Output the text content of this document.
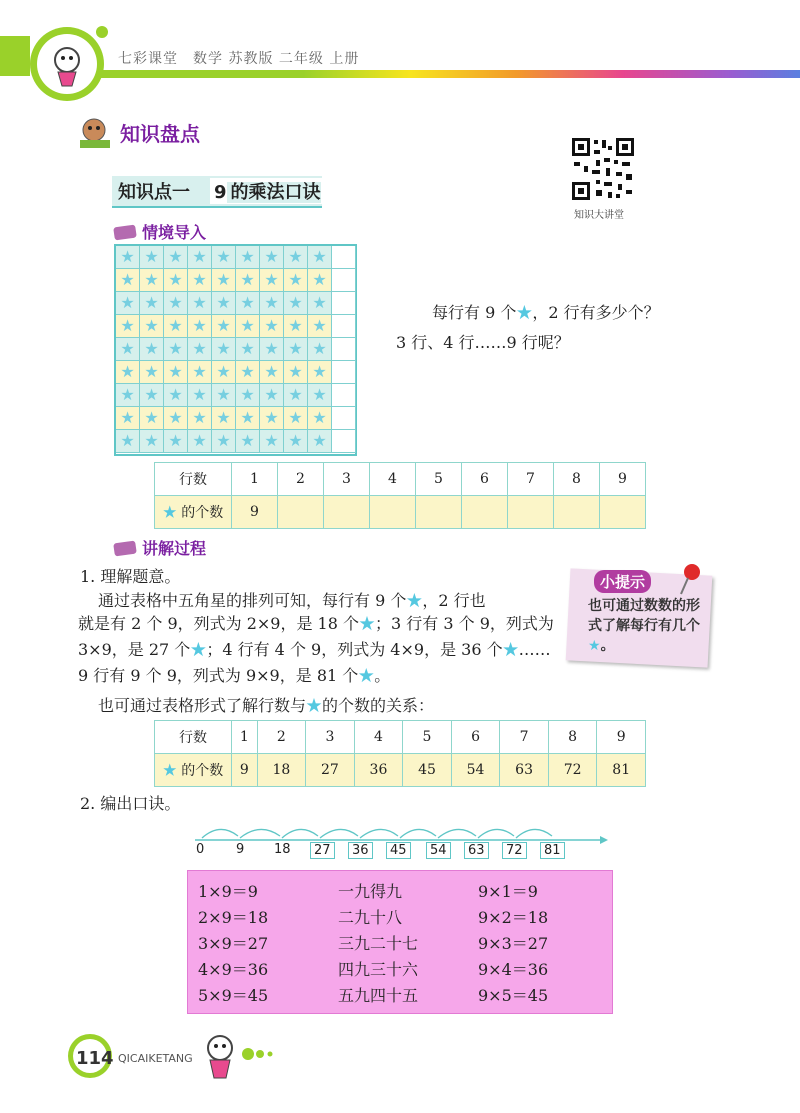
七彩课堂　数学 苏教版 二年级 上册
知识盘点
知识大讲堂
知识点一 9 的乘法口诀
情境导入
★ ★ ★ ★ ★ ★ ★ ★ ★
★ ★ ★ ★ ★ ★ ★ ★ ★
★ ★ ★ ★ ★ ★ ★ ★ ★
★ ★ ★ ★ ★ ★ ★ ★ ★
★ ★ ★ ★ ★ ★ ★ ★ ★
★ ★ ★ ★ ★ ★ ★ ★ ★
★ ★ ★ ★ ★ ★ ★ ★ ★
★ ★ ★ ★ ★ ★ ★ ★ ★
★ ★ ★ ★ ★ ★ ★ ★ ★
每行有 9 个★，2 行有多少个？
3 行、4 行……9 行呢？
行数	1	2	3	4	5	6	7	8	9
★ 的个数	9								
讲解过程
1. 理解题意。
通过表格中五角星的排列可知，每行有 9 个★，2 行也
就是有 2 个 9，列式为 2×9，是 18 个★；3 行有 3 个 9，列式为
3×9，是 27 个★；4 行有 4 个 9，列式为 4×9，是 36 个★……
9 行有 9 个 9，列式为 9×9，是 81 个★。
也可通过表格形式了解行数与★的个数的关系：
小提示
也可通过数数的形式了解每行有几个★。
行数	1	2	3	4	5	6	7	8	9
★ 的个数	9	18	27	36	45	54	63	72	81
2. 编出口诀。
0 9 18	27	36	45	54	63	72	81
1×9＝9	一九得九	9×1＝9
2×9＝18	二九十八	9×2＝18
3×9＝27	三九二十七	9×3＝27
4×9＝36	四九三十六	9×4＝36
5×9＝45	五九四十五	9×5＝45
114 QICAIKETANG
